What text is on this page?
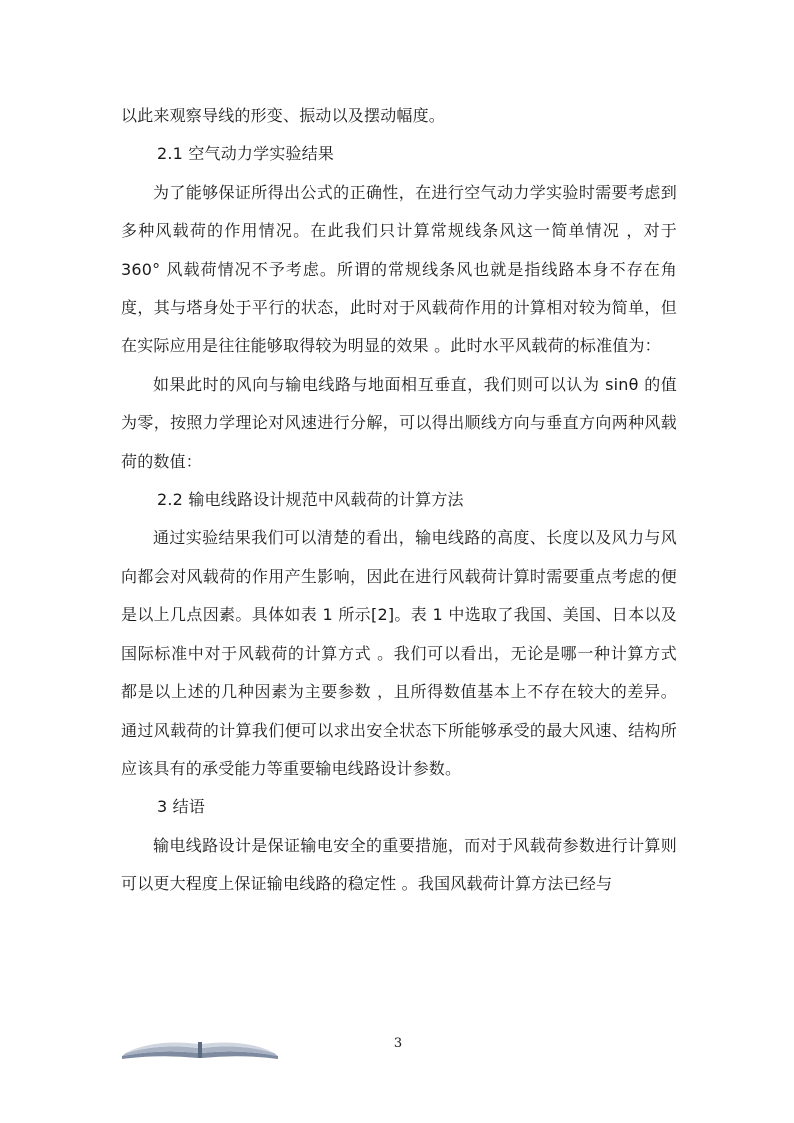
以此来观察导线的形变、振动以及摆动幅度。

2.1 空气动力学实验结果

为了能够保证所得出公式的正确性，在进行空气动力学实验时需要考虑到多种风载荷的作用情况。在此我们只计算常规线条风这一简单情况 ，对于 360° 风载荷情况不予考虑。所谓的常规线条风也就是指线路本身不存在角度，其与塔身处于平行的状态，此时对于风载荷作用的计算相对较为简单，但在实际应用是往往能够取得较为明显的效果 。此时水平风载荷的标准值为：

如果此时的风向与输电线路与地面相互垂直，我们则可以认为 sinθ 的值为零，按照力学理论对风速进行分解，可以得出顺线方向与垂直方向两种风载荷的数值：

2.2 输电线路设计规范中风载荷的计算方法

通过实验结果我们可以清楚的看出，输电线路的高度、长度以及风力与风向都会对风载荷的作用产生影响，因此在进行风载荷计算时需要重点考虑的便是以上几点因素。具体如表 1 所示[2]。表 1 中选取了我国、美国、日本以及国际标准中对于风载荷的计算方式 。我们可以看出，无论是哪一种计算方式都是以上述的几种因素为主要参数 ，且所得数值基本上不存在较大的差异。通过风载荷的计算我们便可以求出安全状态下所能够承受的最大风速、结构所应该具有的承受能力等重要输电线路设计参数。

3 结语

输电线路设计是保证输电安全的重要措施，而对于风载荷参数进行计算则可以更大程度上保证输电线路的稳定性 。我国风载荷计算方法已经与

3
